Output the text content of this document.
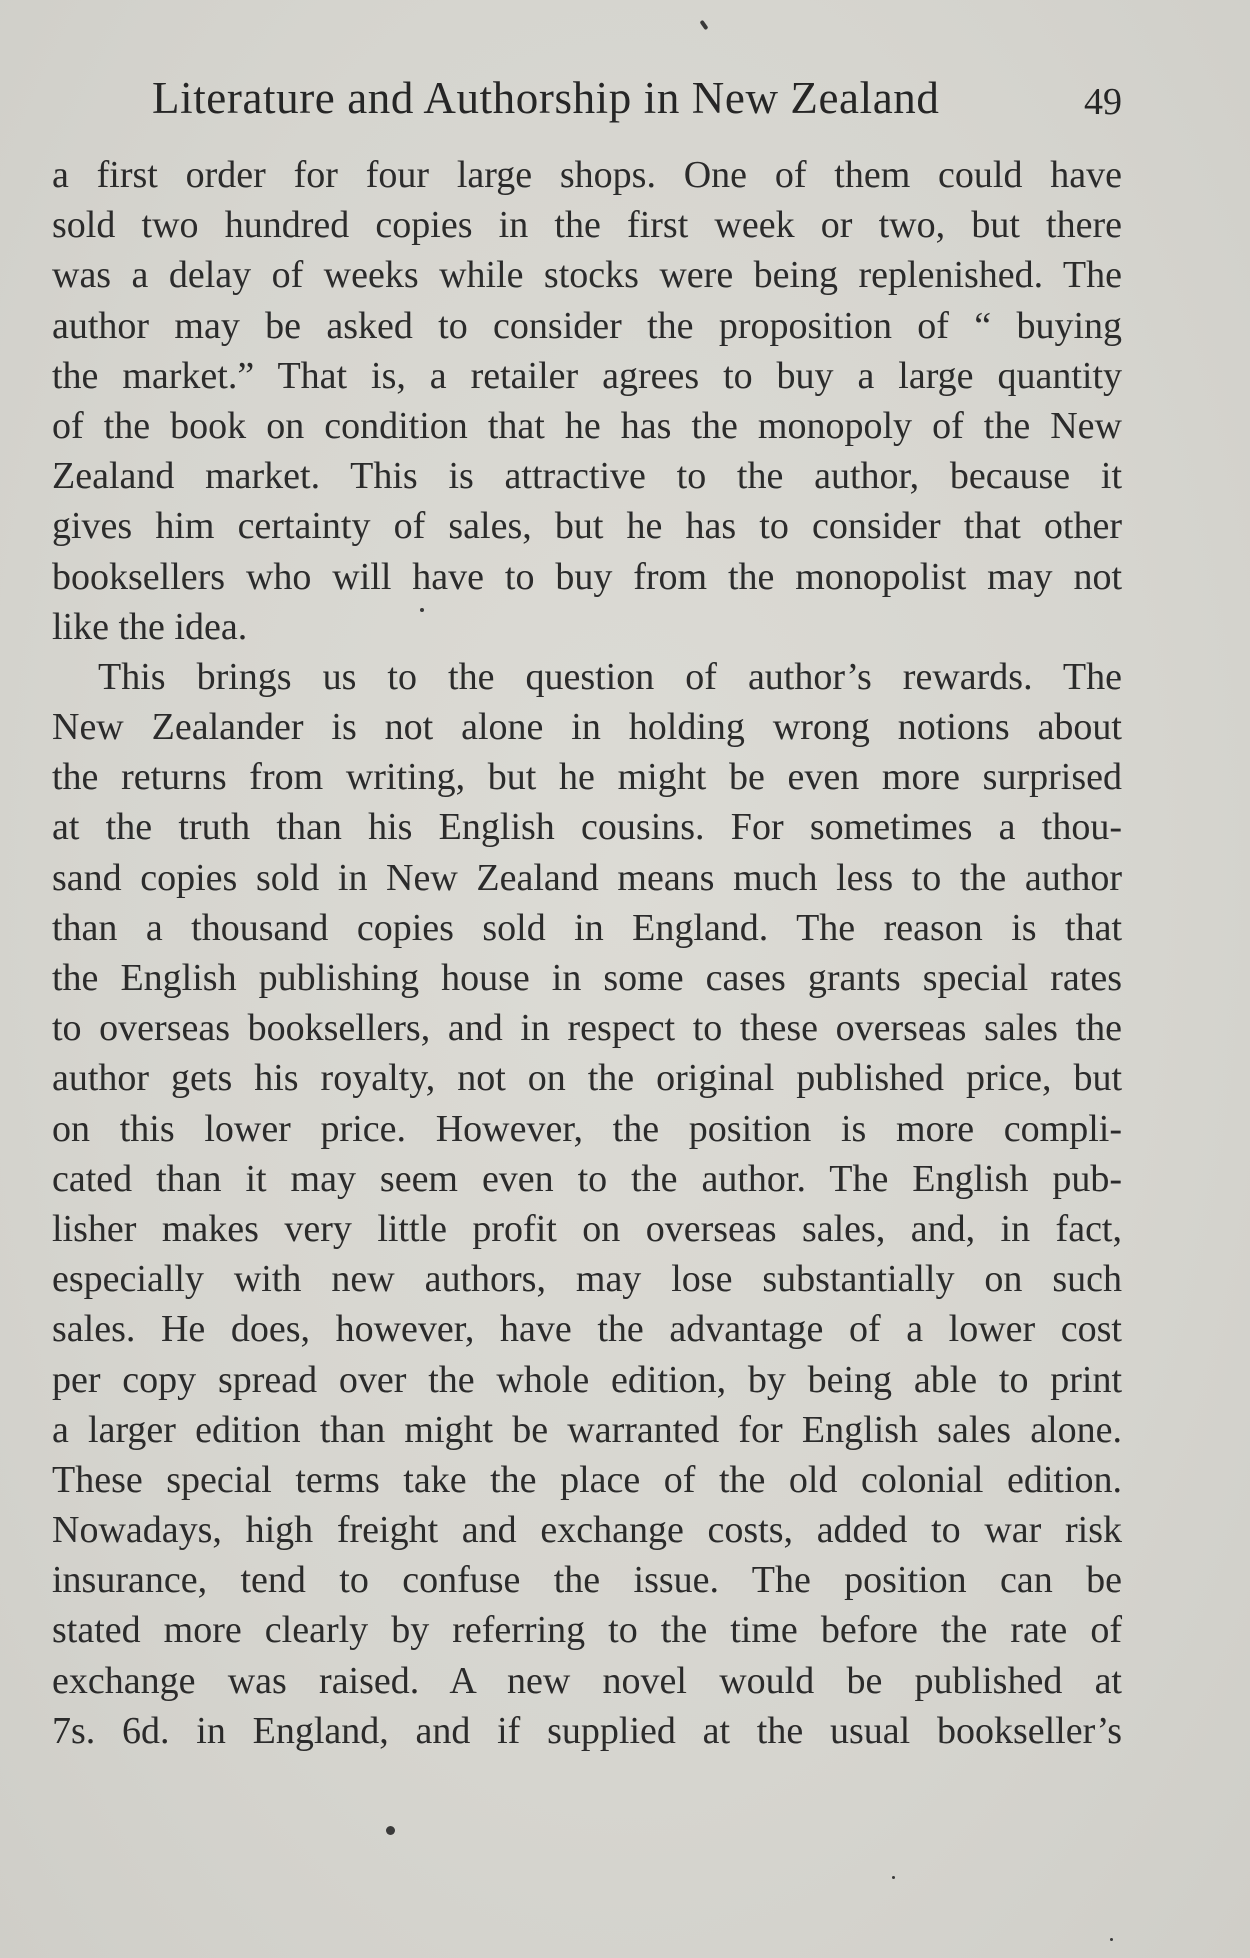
Literature and Authorship in New Zealand	49
a first order for four large shops. One of them could have
sold two hundred copies in the first week or two, but there
was a delay of weeks while stocks were being replenished. The
author may be asked to consider the proposition of “ buying
the market.” That is, a retailer agrees to buy a large quantity
of the book on condition that he has the monopoly of the New
Zealand market. This is attractive to the author, because it
gives him certainty of sales, but he has to consider that other
booksellers who will have to buy from the monopolist may not
like the idea.
This brings us to the question of author’s rewards. The
New Zealander is not alone in holding wrong notions about
the returns from writing, but he might be even more surprised
at the truth than his English cousins. For sometimes a thou-
sand copies sold in New Zealand means much less to the author
than a thousand copies sold in England. The reason is that
the English publishing house in some cases grants special rates
to overseas booksellers, and in respect to these overseas sales the
author gets his royalty, not on the original published price, but
on this lower price. However, the position is more compli-
cated than it may seem even to the author. The English pub-
lisher makes very little profit on overseas sales, and, in fact,
especially with new authors, may lose substantially on such
sales. He does, however, have the advantage of a lower cost
per copy spread over the whole edition, by being able to print
a larger edition than might be warranted for English sales alone.
These special terms take the place of the old colonial edition.
Nowadays, high freight and exchange costs, added to war risk
insurance, tend to confuse the issue. The position can be
stated more clearly by referring to the time before the rate of
exchange was raised. A new novel would be published at
7s. 6d. in England, and if supplied at the usual bookseller’s
